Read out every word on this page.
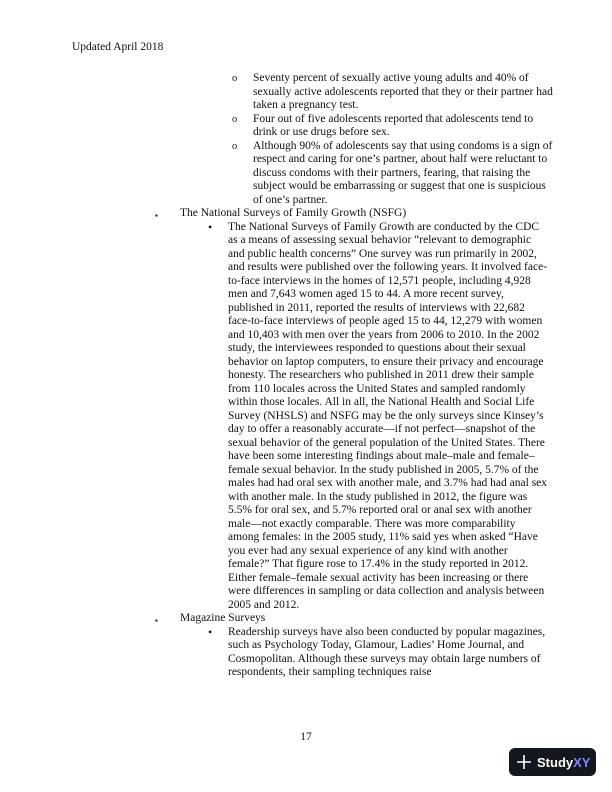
Updated April 2018
o Seventy percent of sexually active young adults and 40% of sexually active adolescents reported that they or their partner had taken a pregnancy test.

o Four out of five adolescents reported that adolescents tend to drink or use drugs before sex.

o Although 90% of adolescents say that using condoms is a sign of respect and caring for one’s partner, about half were reluctant to discuss condoms with their partners, fearing, that raising the subject would be embarrassing or suggest that one is suspicious of one’s partner.

▪ The National Surveys of Family Growth (NSFG)

• The National Surveys of Family Growth are conducted by the CDC as a means of assessing sexual behavior “relevant to demographic and public health concerns” One survey was run primarily in 2002, and results were published over the following years. It involved face-to-face interviews in the homes of 12,571 people, including 4,928 men and 7,643 women aged 15 to 44. A more recent survey, published in 2011, reported the results of interviews with 22,682 face-to-face interviews of people aged 15 to 44, 12,279 with women and 10,403 with men over the years from 2006 to 2010. In the 2002 study, the interviewees responded to questions about their sexual behavior on laptop computers, to ensure their privacy and encourage honesty. The researchers who published in 2011 drew their sample from 110 locales across the United States and sampled randomly within those locales. All in all, the National Health and Social Life Survey (NHSLS) and NSFG may be the only surveys since Kinsey’s day to offer a reasonably accurate—if not perfect—snapshot of the sexual behavior of the general population of the United States. There have been some interesting findings about male–male and female–female sexual behavior. In the study published in 2005, 5.7% of the males had had oral sex with another male, and 3.7% had had anal sex with another male. In the study published in 2012, the figure was 5.5% for oral sex, and 5.7% reported oral or anal sex with another male—not exactly comparable. There was more comparability among females: in the 2005 study, 11% said yes when asked “Have you ever had any sexual experience of any kind with another female?” That figure rose to 17.4% in the study reported in 2012. Either female–female sexual activity has been increasing or there were differences in sampling or data collection and analysis between 2005 and 2012.

▪ Magazine Surveys

• Readership surveys have also been conducted by popular magazines, such as Psychology Today, Glamour, Ladies’ Home Journal, and Cosmopolitan. Although these surveys may obtain large numbers of respondents, their sampling techniques raise

17
Study XY
